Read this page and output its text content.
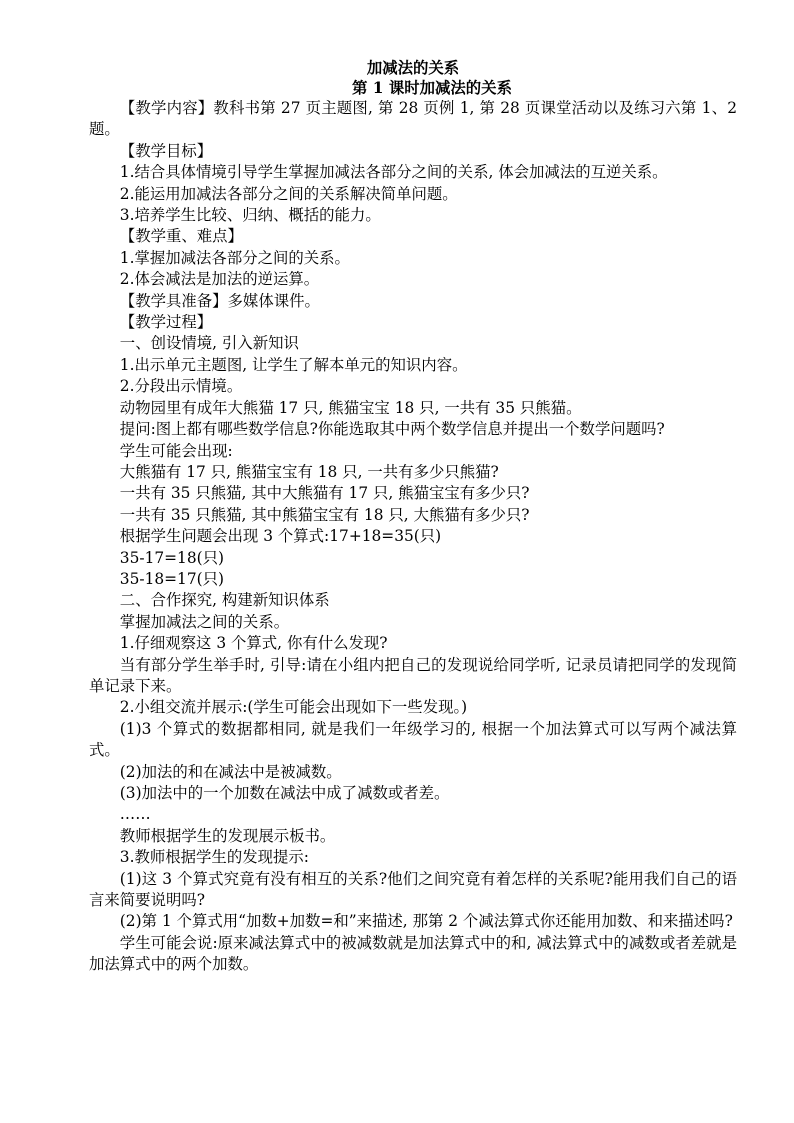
加减法的关系
第 1 课时加减法的关系

【教学内容】教科书第 27 页主题图, 第 28 页例 1, 第 28 页课堂活动以及练习六第 1、2 题。

【教学目标】

1.结合具体情境引导学生掌握加减法各部分之间的关系, 体会加减法的互逆关系。

2.能运用加减法各部分之间的关系解决简单问题。

3.培养学生比较、归纳、概括的能力。

【教学重、难点】

1.掌握加减法各部分之间的关系。

2.体会减法是加法的逆运算。

【教学具准备】多媒体课件。

【教学过程】

一、创设情境, 引入新知识

1.出示单元主题图, 让学生了解本单元的知识内容。

2.分段出示情境。

动物园里有成年大熊猫 17 只, 熊猫宝宝 18 只, 一共有 35 只熊猫。

提问:图上都有哪些数学信息?你能选取其中两个数学信息并提出一个数学问题吗?

学生可能会出现:

大熊猫有 17 只, 熊猫宝宝有 18 只, 一共有多少只熊猫?

一共有 35 只熊猫, 其中大熊猫有 17 只, 熊猫宝宝有多少只?

一共有 35 只熊猫, 其中熊猫宝宝有 18 只, 大熊猫有多少只?

根据学生问题会出现 3 个算式:17+18=35(只)

35-17=18(只)

35-18=17(只)

二、合作探究, 构建新知识体系

掌握加减法之间的关系。

1.仔细观察这 3 个算式, 你有什么发现?

当有部分学生举手时, 引导:请在小组内把自己的发现说给同学听, 记录员请把同学的发现简单记录下来。

2.小组交流并展示:(学生可能会出现如下一些发现。)

(1)3 个算式的数据都相同, 就是我们一年级学习的, 根据一个加法算式可以写两个减法算式。

(2)加法的和在减法中是被减数。

(3)加法中的一个加数在减法中成了减数或者差。

……

教师根据学生的发现展示板书。

3.教师根据学生的发现提示:

(1)这 3 个算式究竟有没有相互的关系?他们之间究竟有着怎样的关系呢?能用我们自己的语言来简要说明吗?

(2)第 1 个算式用“加数+加数=和”来描述, 那第 2 个减法算式你还能用加数、和来描述吗?

学生可能会说:原来减法算式中的被减数就是加法算式中的和, 减法算式中的减数或者差就是加法算式中的两个加数。
